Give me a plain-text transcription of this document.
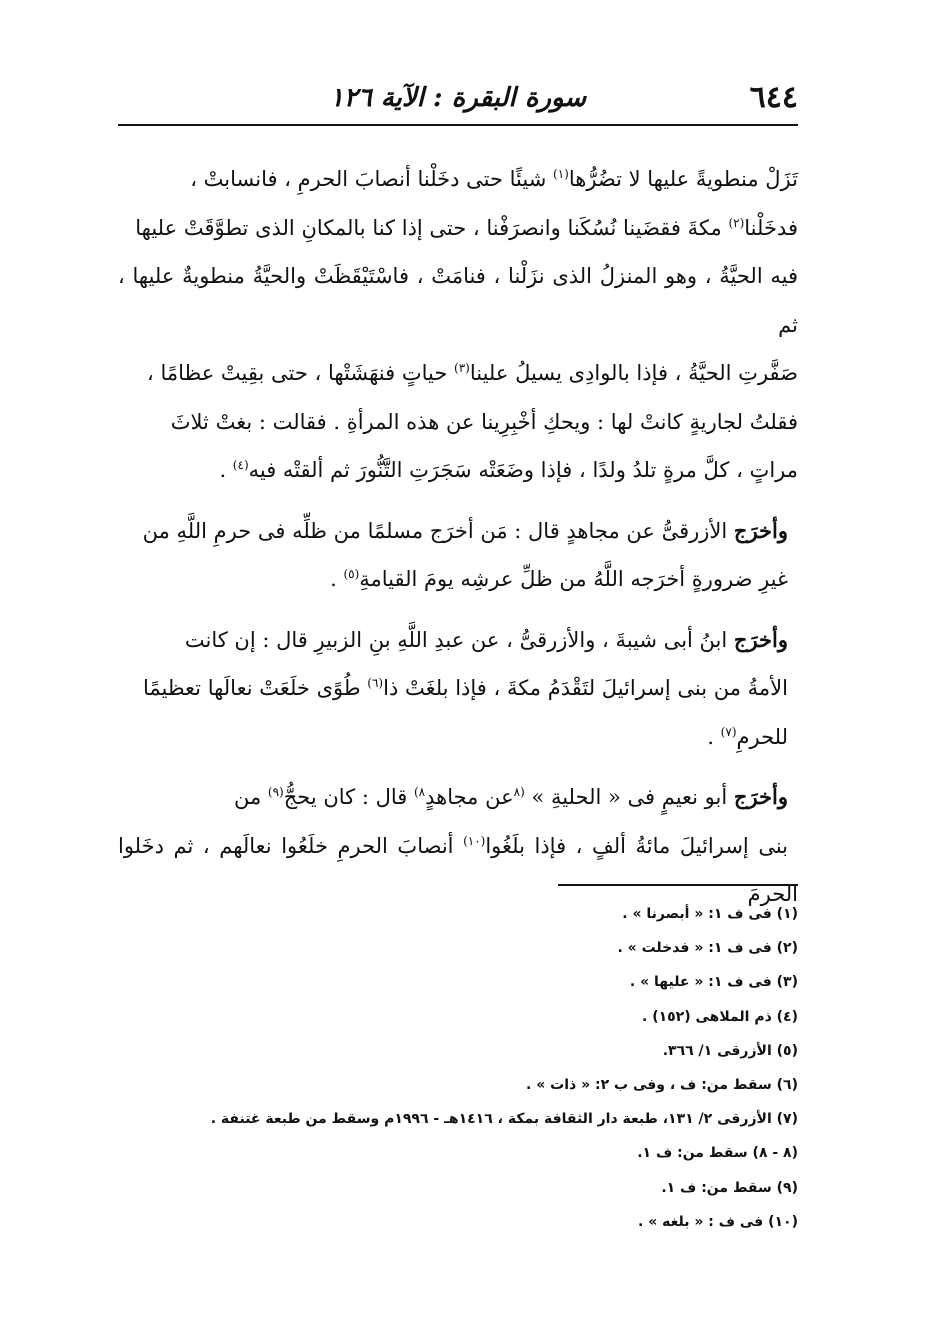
٦٤٤
سورة البقرة : الآية ١٢٦

تَزَلْ منطويةً عليها لا تضُرُّها$^{(١)}$ شيئًا حتى دخَلْنا أنصابَ الحرمِ ، فانسابتْ ،
فدخَلْنا$^{(٢)}$ مكةَ فقضَينا نُسُكَنا وانصرَفْنا ، حتى إذا كنا بالمكانِ الذى تطوَّقَتْ عليها
فيه الحيَّةُ ، وهو المنزلُ الذى نزَلْنا ، فنامَتْ ، فاسْتَيْقَظَتْ والحيَّةُ منطويةٌ عليها ، ثم
صَفَّرتِ الحيَّةُ ، فإذا بالوادِى يسيلُ علينا$^{(٣)}$ حياتٍ فنهَشَتْها ، حتى بقِيتْ عظامًا ،
فقلتُ لجاريةٍ كانتْ لها : ويحكِ أخْبِرِينا عن هذه المرأةِ . فقالت : بغتْ ثلاثَ
مراتٍ ، كلَّ مرةٍ تلدُ ولدًا ، فإذا وضَعَتْه سَجَرَتِ التَّنُّورَ ثم ألقتْه فيه$^{(٤)}$ .

وأخرَج الأزرقىُّ عن مجاهدٍ قال : مَن أخرَج مسلمًا من ظلِّه فى حرمِ اللَّهِ من
غيرِ ضرورةٍ أخرَجه اللَّهُ من ظلِّ عرشِه يومَ القيامةِ$^{(٥)}$ .

وأخرَج ابنُ أبى شيبةَ ، والأزرقىُّ ، عن عبدِ اللَّهِ بنِ الزبيرِ قال : إن كانت
الأمةُ من بنى إسرائيلَ لتَقْدَمُ مكةَ ، فإذا بلغَتْ ذا$^{(٦)}$ طُوًى خلَعَتْ نعالَها تعظيمًا
للحرمِ$^{(٧)}$ .

وأخرَج أبو نعيمٍ فى « الحليةِ » $^{(٨}$عن مجاهدٍ$^{٨)}$ قال : كان يحجُّ$^{(٩)}$ من
بنى إسرائيلَ مائةُ ألفٍ ، فإذا بلَغُوا$^{(١٠)}$ أنصابَ الحرمِ خلَعُوا نعالَهم ، ثم دخَلوا الحرمَ

(١) فى ف ١: « أبصرنا » .
(٢) فى ف ١: « فدخلت » .
(٣) فى ف ١: « عليها » .
(٤) ذم الملاهى (١٥٢) .
(٥) الأزرقى ١/ ٣٦٦.
(٦) سقط من: ف ، وفى ب ٢: « ذات » .
(٧) الأزرقى ٢/ ١٣١، طبعة دار الثقافة بمكة ، ١٤١٦هـ - ١٩٩٦م وسقط من طبعة غتنفة .
(٨ - ٨) سقط من: ف ١.
(٩) سقط من: ف ١.
(١٠) فى ف : « بلغه » .
